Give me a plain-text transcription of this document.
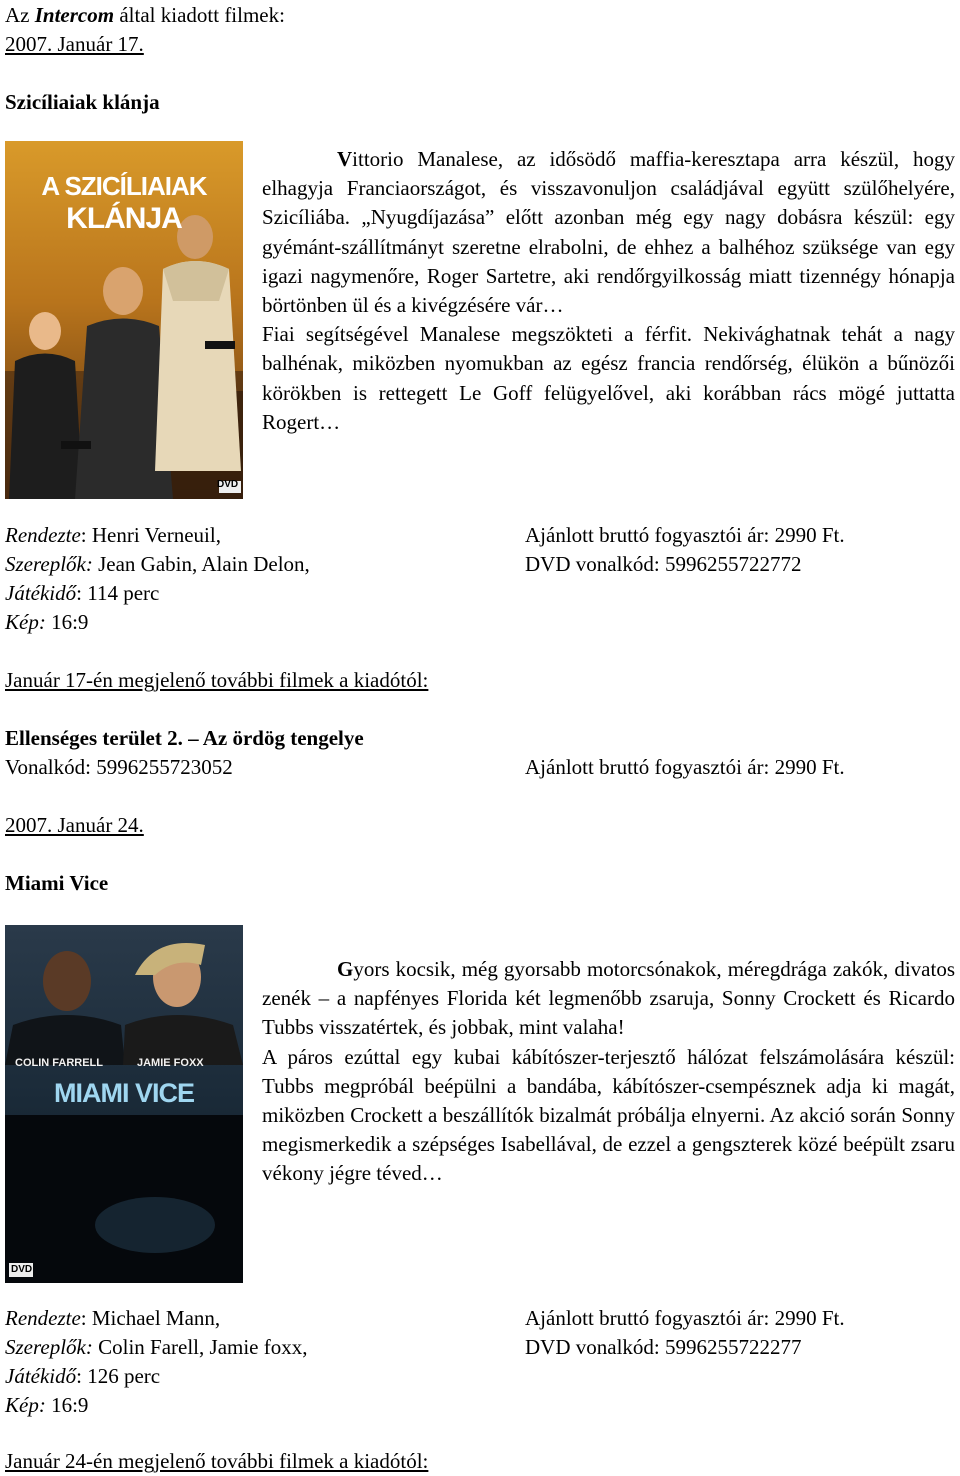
Az Intercom által kiadott filmek:
2007. Január 17.
Szicíliaiak klánja
A SZICÍLIAIAK
KLÁNJA
DVD

Vittorio Manalese, az idősödő maffia-keresztapa arra készül, hogy elhagyja Franciaországot, és visszavonuljon családjával együtt szülőhelyére, Szicíliába. „Nyugdíjazása” előtt azonban még egy nagy dobásra készül: egy gyémánt-szállítmányt szeretne elrabolni, de ehhez a balhéhoz szüksége van egy igazi nagymenőre, Roger Sartetre, aki rendőrgyilkosság miatt tizennégy hónapja börtönben ül és a kivégzésére vár…

Fiai segítségével Manalese megszökteti a férfit. Nekivághatnak tehát a nagy balhénak, miközben nyomukban az egész francia rendőrség, élükön a bűnözői körökben is rettegett Le Goff felügyelővel, aki korábban rács mögé juttatta Rogert…

Rendezte: Henri Verneuil,
Szereplők: Jean Gabin, Alain Delon,
Játékidő: 114 perc
Kép: 16:9
Ajánlott bruttó fogyasztói ár: 2990 Ft.
DVD vonalkód: 5996255722772
Január 17-én megjelenő további filmek a kiadótól:
Ellenséges terület 2. – Az ördög tengelye
Vonalkód: 5996255723052	Ajánlott bruttó fogyasztói ár: 2990 Ft.
2007. Január 24.
Miami Vice
COLIN FARRELL	JAMIE FOXX
MIAMI VICE
DVD

Gyors kocsik, még gyorsabb motorcsónakok, méregdrága zakók, divatos zenék – a napfényes Florida két legmenőbb zsaruja, Sonny Crockett és Ricardo Tubbs visszatértek, és jobbak, mint valaha!

A páros ezúttal egy kubai kábítószer-terjesztő hálózat felszámolására készül: Tubbs megpróbál beépülni a bandába, kábítószer-csempésznek adja ki magát, miközben Crockett a beszállítók bizalmát próbálja elnyerni. Az akció során Sonny megismerkedik a szépséges Isabellával, de ezzel a gengszterek közé beépült zsaru vékony jégre téved…

Rendezte: Michael Mann,
Szereplők: Colin Farell, Jamie foxx,
Játékidő: 126 perc
Kép: 16:9
Ajánlott bruttó fogyasztói ár: 2990 Ft.
DVD vonalkód: 5996255722277
Január 24-én megjelenő további filmek a kiadótól:
